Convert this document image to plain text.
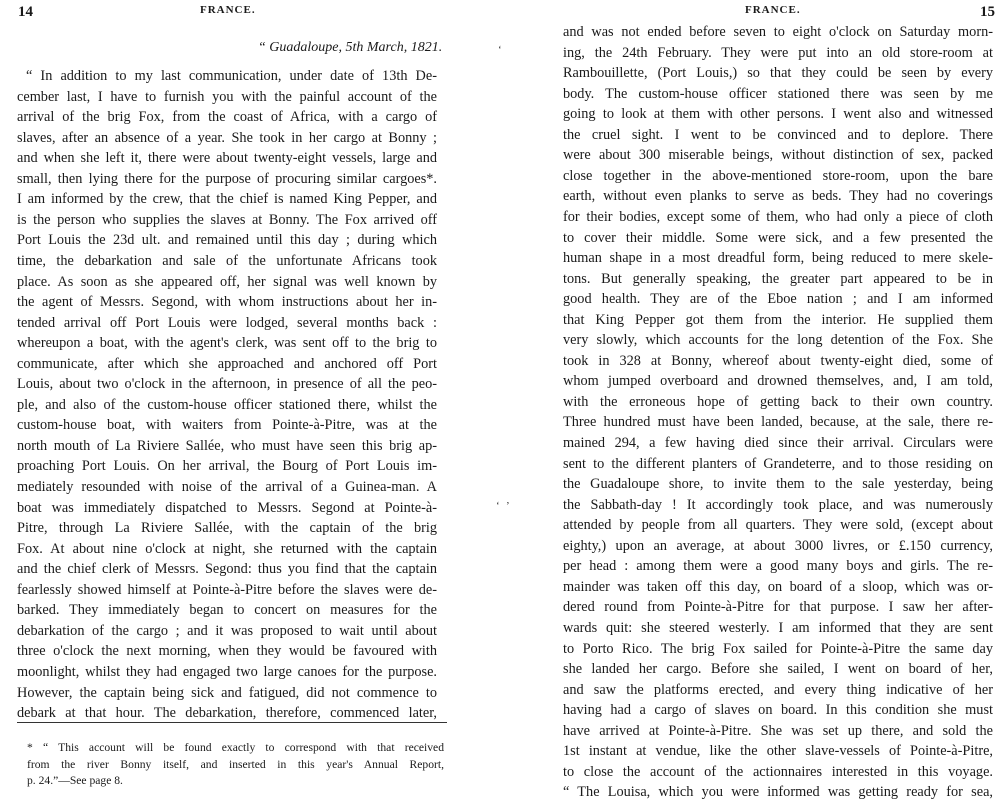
14	FRANCE.
“ Guadaloupe, 5th March, 1821.
“ In addition to my last communication, under date of 13th De-
cember last, I have to furnish you with the painful account of the
arrival of the brig Fox, from the coast of Africa, with a cargo of
slaves, after an absence of a year. She took in her cargo at Bonny ;
and when she left it, there were about twenty-eight vessels, large and
small, then lying there for the purpose of procuring similar cargoes*.
I am informed by the crew, that the chief is named King Pepper, and
is the person who supplies the slaves at Bonny. The Fox arrived off
Port Louis the 23d ult. and remained until this day ; during which
time, the debarkation and sale of the unfortunate Africans took
place. As soon as she appeared off, her signal was well known by
the agent of Messrs. Segond, with whom instructions about her in-
tended arrival off Port Louis were lodged, several months back :
whereupon a boat, with the agent's clerk, was sent off to the brig to
communicate, after which she approached and anchored off Port
Louis, about two o'clock in the afternoon, in presence of all the peo-
ple, and also of the custom-house officer stationed there, whilst the
custom-house boat, with waiters from Pointe-à-Pitre, was at the
north mouth of La Riviere Sallée, who must have seen this brig ap-
proaching Port Louis. On her arrival, the Bourg of Port Louis im-
mediately resounded with noise of the arrival of a Guinea-man. A
boat was immediately dispatched to Messrs. Segond at Pointe-à-
Pitre, through La Riviere Sallée, with the captain of the brig
Fox. At about nine o'clock at night, she returned with the captain
and the chief clerk of Messrs. Segond: thus you find that the captain
fearlessly showed himself at Pointe-à-Pitre before the slaves were de-
barked. They immediately began to concert on measures for the
debarkation of the cargo ; and it was proposed to wait until about
three o'clock the next morning, when they would be favoured with
moonlight, whilst they had engaged two large canoes for the purpose.
However, the captain being sick and fatigued, did not commence to
debark at that hour. The debarkation, therefore, commenced later,
* “ This account will be found exactly to correspond with that received
from the river Bonny itself, and inserted in this year's Annual Report,
p. 24.”—See page 8.
ʻ
ʻ ʼ
FRANCE.	15
and was not ended before seven to eight o'clock on Saturday morn-
ing, the 24th February. They were put into an old store-room at
Rambouillette, (Port Louis,) so that they could be seen by every
body. The custom-house officer stationed there was seen by me
going to look at them with other persons. I went also and witnessed
the cruel sight. I went to be convinced and to deplore. There
were about 300 miserable beings, without distinction of sex, packed
close together in the above-mentioned store-room, upon the bare
earth, without even planks to serve as beds. They had no coverings
for their bodies, except some of them, who had only a piece of cloth
to cover their middle. Some were sick, and a few presented the
human shape in a most dreadful form, being reduced to mere skele-
tons. But generally speaking, the greater part appeared to be in
good health. They are of the Eboe nation ; and I am informed
that King Pepper got them from the interior. He supplied them
very slowly, which accounts for the long detention of the Fox. She
took in 328 at Bonny, whereof about twenty-eight died, some of
whom jumped overboard and drowned themselves, and, I am told,
with the erroneous hope of getting back to their own country.
Three hundred must have been landed, because, at the sale, there re-
mained 294, a few having died since their arrival. Circulars were
sent to the different planters of Grandeterre, and to those residing on
the Guadaloupe shore, to invite them to the sale yesterday, being
the Sabbath-day ! It accordingly took place, and was numerously
attended by people from all quarters. They were sold, (except about
eighty,) upon an average, at about 3000 livres, or £.150 currency,
per head : among them were a good many boys and girls. The re-
mainder was taken off this day, on board of a sloop, which was or-
dered round from Pointe-à-Pitre for that purpose. I saw her after-
wards quit: she steered westerly. I am informed that they are sent
to Porto Rico. The brig Fox sailed for Pointe-à-Pitre the same day
she landed her cargo. Before she sailed, I went on board of her,
and saw the platforms erected, and every thing indicative of her
having had a cargo of slaves on board. In this condition she must
have arrived at Pointe-à-Pitre. She was set up there, and sold the
1st instant at vendue, like the other slave-vessels of Pointe-à-Pitre,
to close the account of the actionnaires interested in this voyage.
“ The Louisa, which you were informed was getting ready for sea,
